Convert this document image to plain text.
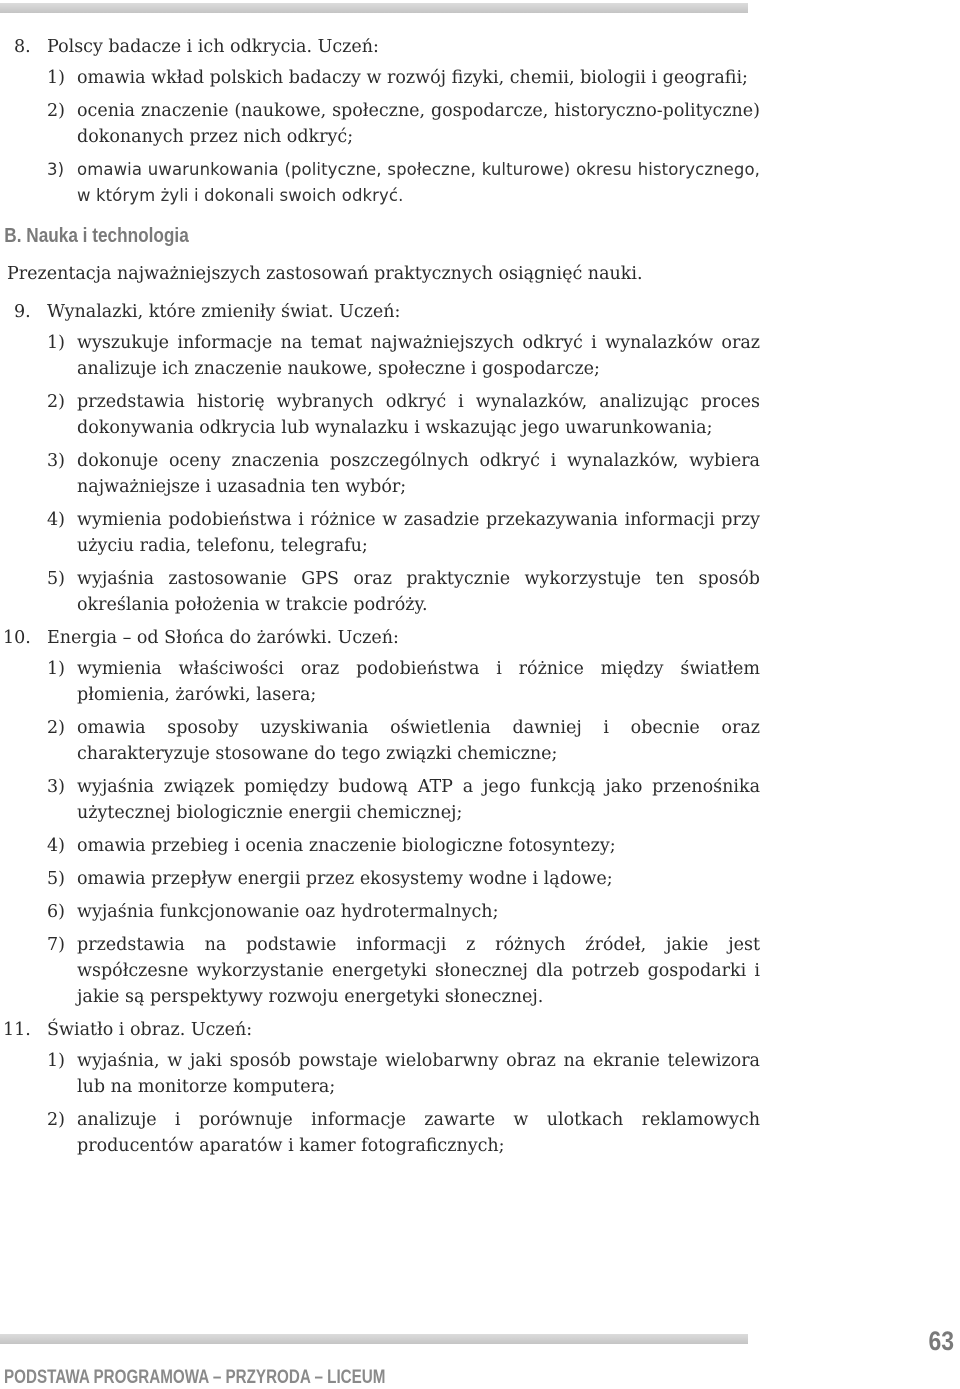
8. Polscy badacze i ich odkrycia. Uczeń:
1) omawia wkład polskich badaczy w rozwój fizyki, chemii, biologii i geografii;
2) ocenia znaczenie (naukowe, społeczne, gospodarcze, historyczno-polityczne) dokonanych przez nich odkryć;
3) omawia uwarunkowania (polityczne, społeczne, kulturowe) okresu historycznego, w którym żyli i dokonali swoich odkryć.
B. Nauka i technologia
Prezentacja najważniejszych zastosowań praktycznych osiągnięć nauki.
9. Wynalazki, które zmieniły świat. Uczeń:
1) wyszukuje informacje na temat najważniejszych odkryć i wynalazków oraz analizuje ich znaczenie naukowe, społeczne i gospodarcze;
2) przedstawia historię wybranych odkryć i wynalazków, analizując proces dokonywania odkrycia lub wynalazku i wskazując jego uwarunkowania;
3) dokonuje oceny znaczenia poszczególnych odkryć i wynalazków, wybiera najważniejsze i uzasadnia ten wybór;
4) wymienia podobieństwa i różnice w zasadzie przekazywania informacji przy użyciu radia, telefonu, telegrafu;
5) wyjaśnia zastosowanie GPS oraz praktycznie wykorzystuje ten sposób określania położenia w trakcie podróży.
10. Energia – od Słońca do żarówki. Uczeń:
1) wymienia właściwości oraz podobieństwa i różnice między światłem płomienia, żarówki, lasera;
2) omawia sposoby uzyskiwania oświetlenia dawniej i obecnie oraz charakteryzuje stosowane do tego związki chemiczne;
3) wyjaśnia związek pomiędzy budową ATP a jego funkcją jako przenośnika użytecznej biologicznie energii chemicznej;
4) omawia przebieg i ocenia znaczenie biologiczne fotosyntezy;
5) omawia przepływ energii przez ekosystemy wodne i lądowe;
6) wyjaśnia funkcjonowanie oaz hydrotermalnych;
7) przedstawia na podstawie informacji z różnych źródeł, jakie jest współczesne wykorzystanie energetyki słonecznej dla potrzeb gospodarki i jakie są perspektywy rozwoju energetyki słonecznej.
11. Światło i obraz. Uczeń:
1) wyjaśnia, w jaki sposób powstaje wielobarwny obraz na ekranie telewizora lub na monitorze komputera;
2) analizuje i porównuje informacje zawarte w ulotkach reklamowych producentów aparatów i kamer fotograficznych;
63
PODSTAWA PROGRAMOWA – PRZYRODA – LICEUM
